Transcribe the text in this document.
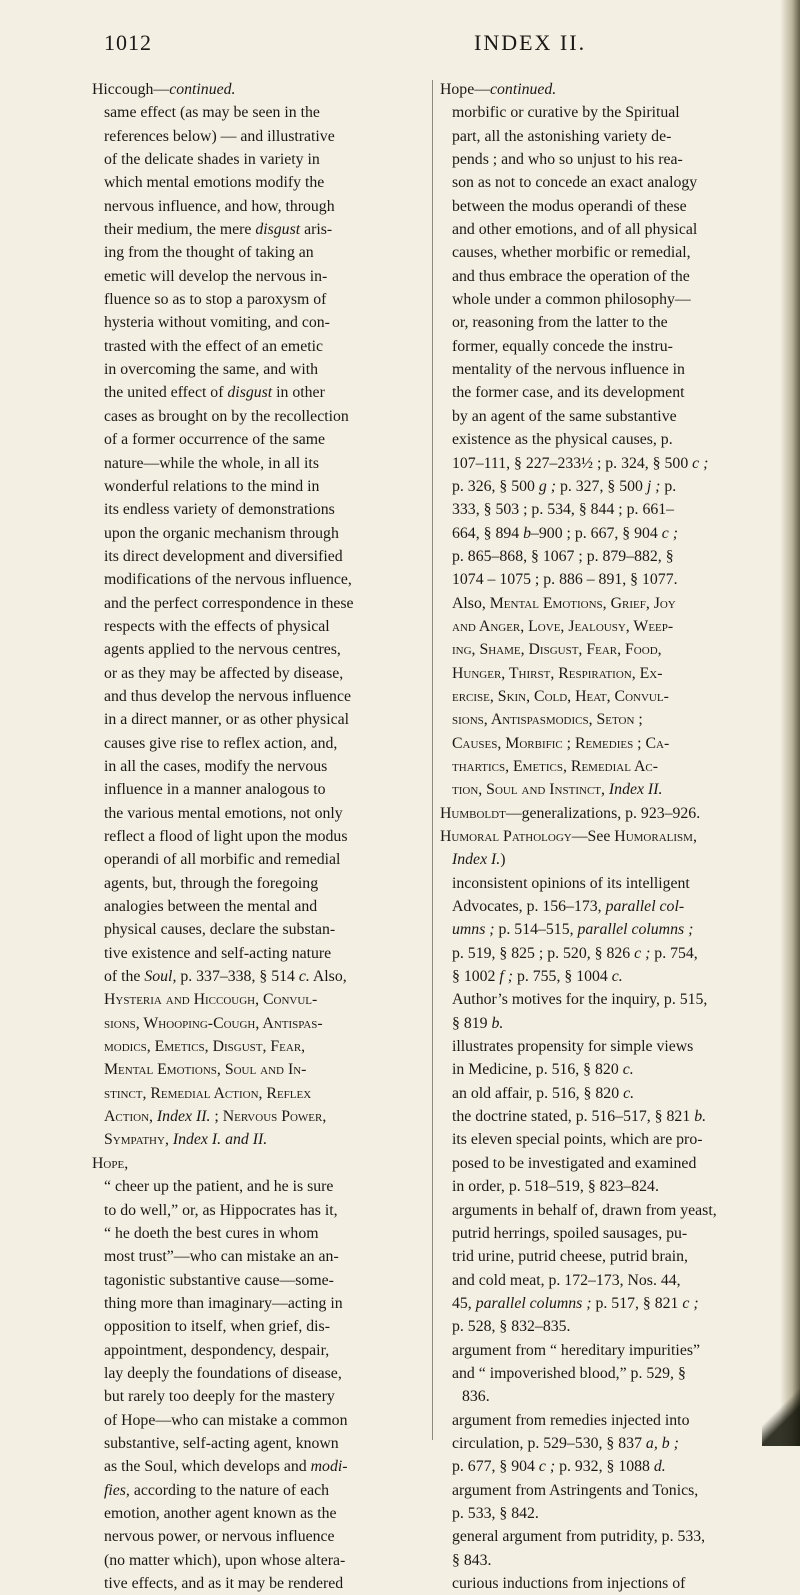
1012	INDEX II.
Hiccough—continued.
same effect (as may be seen in the
references below) — and illustrative
of the delicate shades in variety in
which mental emotions modify the
nervous influence, and how, through
their medium, the mere disgust aris-
ing from the thought of taking an
emetic will develop the nervous in-
fluence so as to stop a paroxysm of
hysteria without vomiting, and con-
trasted with the effect of an emetic
in overcoming the same, and with
the united effect of disgust in other
cases as brought on by the recollection
of a former occurrence of the same
nature—while the whole, in all its
wonderful relations to the mind in
its endless variety of demonstrations
upon the organic mechanism through
its direct development and diversified
modifications of the nervous influence,
and the perfect correspondence in these
respects with the effects of physical
agents applied to the nervous centres,
or as they may be affected by disease,
and thus develop the nervous influence
in a direct manner, or as other physical
causes give rise to reflex action, and,
in all the cases, modify the nervous
influence in a manner analogous to
the various mental emotions, not only
reflect a flood of light upon the modus
operandi of all morbific and remedial
agents, but, through the foregoing
analogies between the mental and
physical causes, declare the substan-
tive existence and self-acting nature
of the Soul, p. 337–338, § 514 c. Also,
Hysteria and Hiccough, Convul-
sions, Whooping-Cough, Antispas-
modics, Emetics, Disgust, Fear,
Mental Emotions, Soul and In-
stinct, Remedial Action, Reflex
Action, Index II. ; Nervous Power,
Sympathy, Index I. and II.
Hope,
“ cheer up the patient, and he is sure
to do well,” or, as Hippocrates has it,
“ he doeth the best cures in whom
most trust”—who can mistake an an-
tagonistic substantive cause—some-
thing more than imaginary—acting in
opposition to itself, when grief, dis-
appointment, despondency, despair,
lay deeply the foundations of disease,
but rarely too deeply for the mastery
of Hope—who can mistake a common
substantive, self-acting agent, known
as the Soul, which develops and modi-
fies, according to the nature of each
emotion, another agent known as the
nervous power, or nervous influence
(no matter which), upon whose altera-
tive effects, and as it may be rendered
Hope—continued.
morbific or curative by the Spiritual
part, all the astonishing variety de-
pends ; and who so unjust to his rea-
son as not to concede an exact analogy
between the modus operandi of these
and other emotions, and of all physical
causes, whether morbific or remedial,
and thus embrace the operation of the
whole under a common philosophy—
or, reasoning from the latter to the
former, equally concede the instru-
mentality of the nervous influence in
the former case, and its development
by an agent of the same substantive
existence as the physical causes, p.
107–111, § 227–233½ ; p. 324, § 500 c ;
p. 326, § 500 g ; p. 327, § 500 j ; p.
333, § 503 ; p. 534, § 844 ; p. 661–
664, § 894 b–900 ; p. 667, § 904 c ;
p. 865–868, § 1067 ; p. 879–882, §
1074 – 1075 ; p. 886 – 891, § 1077.
Also, Mental Emotions, Grief, Joy
and Anger, Love, Jealousy, Weep-
ing, Shame, Disgust, Fear, Food,
Hunger, Thirst, Respiration, Ex-
ercise, Skin, Cold, Heat, Convul-
sions, Antispasmodics, Seton ;
Causes, Morbific ; Remedies ; Ca-
thartics, Emetics, Remedial Ac-
tion, Soul and Instinct, Index II.
Humboldt—generalizations, p. 923–926.
Humoral Pathology—See Humoralism,
Index I.)
inconsistent opinions of its intelligent
Advocates, p. 156–173, parallel col-
umns ; p. 514–515, parallel columns ;
p. 519, § 825 ; p. 520, § 826 c ; p. 754,
§ 1002 f ; p. 755, § 1004 c.
Author’s motives for the inquiry, p. 515,
§ 819 b.
illustrates propensity for simple views
in Medicine, p. 516, § 820 c.
an old affair, p. 516, § 820 c.
the doctrine stated, p. 516–517, § 821 b.
its eleven special points, which are pro-
posed to be investigated and examined
in order, p. 518–519, § 823–824.
arguments in behalf of, drawn from yeast,
putrid herrings, spoiled sausages, pu-
trid urine, putrid cheese, putrid brain,
and cold meat, p. 172–173, Nos. 44,
45, parallel columns ; p. 517, § 821 c ;
p. 528, § 832–835.
argument from “ hereditary impurities”
and “ impoverished blood,” p. 529, §
836.
argument from remedies injected into
circulation, p. 529–530, § 837 a, b ;
p. 677, § 904 c ; p. 932, § 1088 d.
argument from Astringents and Tonics,
p. 533, § 842.
general argument from putridity, p. 533,
§ 843.
curious inductions from injections of
